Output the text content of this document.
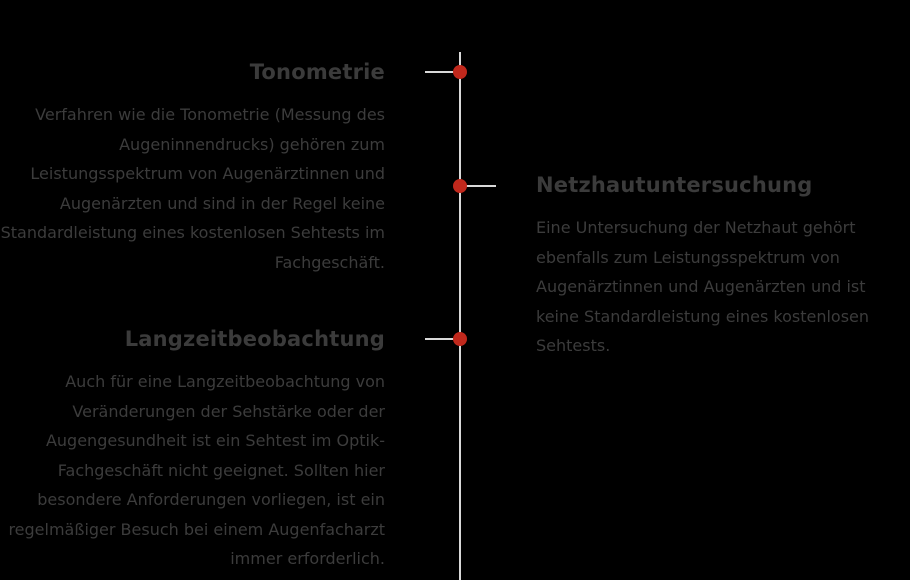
Tonometrie

Verfahren wie die Tonometrie (Messung des Augeninnendrucks) gehören zum Leistungsspektrum von Augenärztinnen und Augenärzten und sind in der Regel keine Standardleistung eines kostenlosen Sehtests im Fachgeschäft.

Netzhautuntersuchung

Eine Untersuchung der Netzhaut gehört ebenfalls zum Leistungsspektrum von Augenärztinnen und Augenärzten und ist keine Standardleistung eines kostenlosen Sehtests.

Langzeitbeobachtung

Auch für eine Langzeitbeobachtung von Veränderungen der Sehstärke oder der Augengesundheit ist ein Sehtest im Optik-Fachgeschäft nicht geeignet. Sollten hier besondere Anforderungen vorliegen, ist ein regelmäßiger Besuch bei einem Augenfacharzt immer erforderlich.
